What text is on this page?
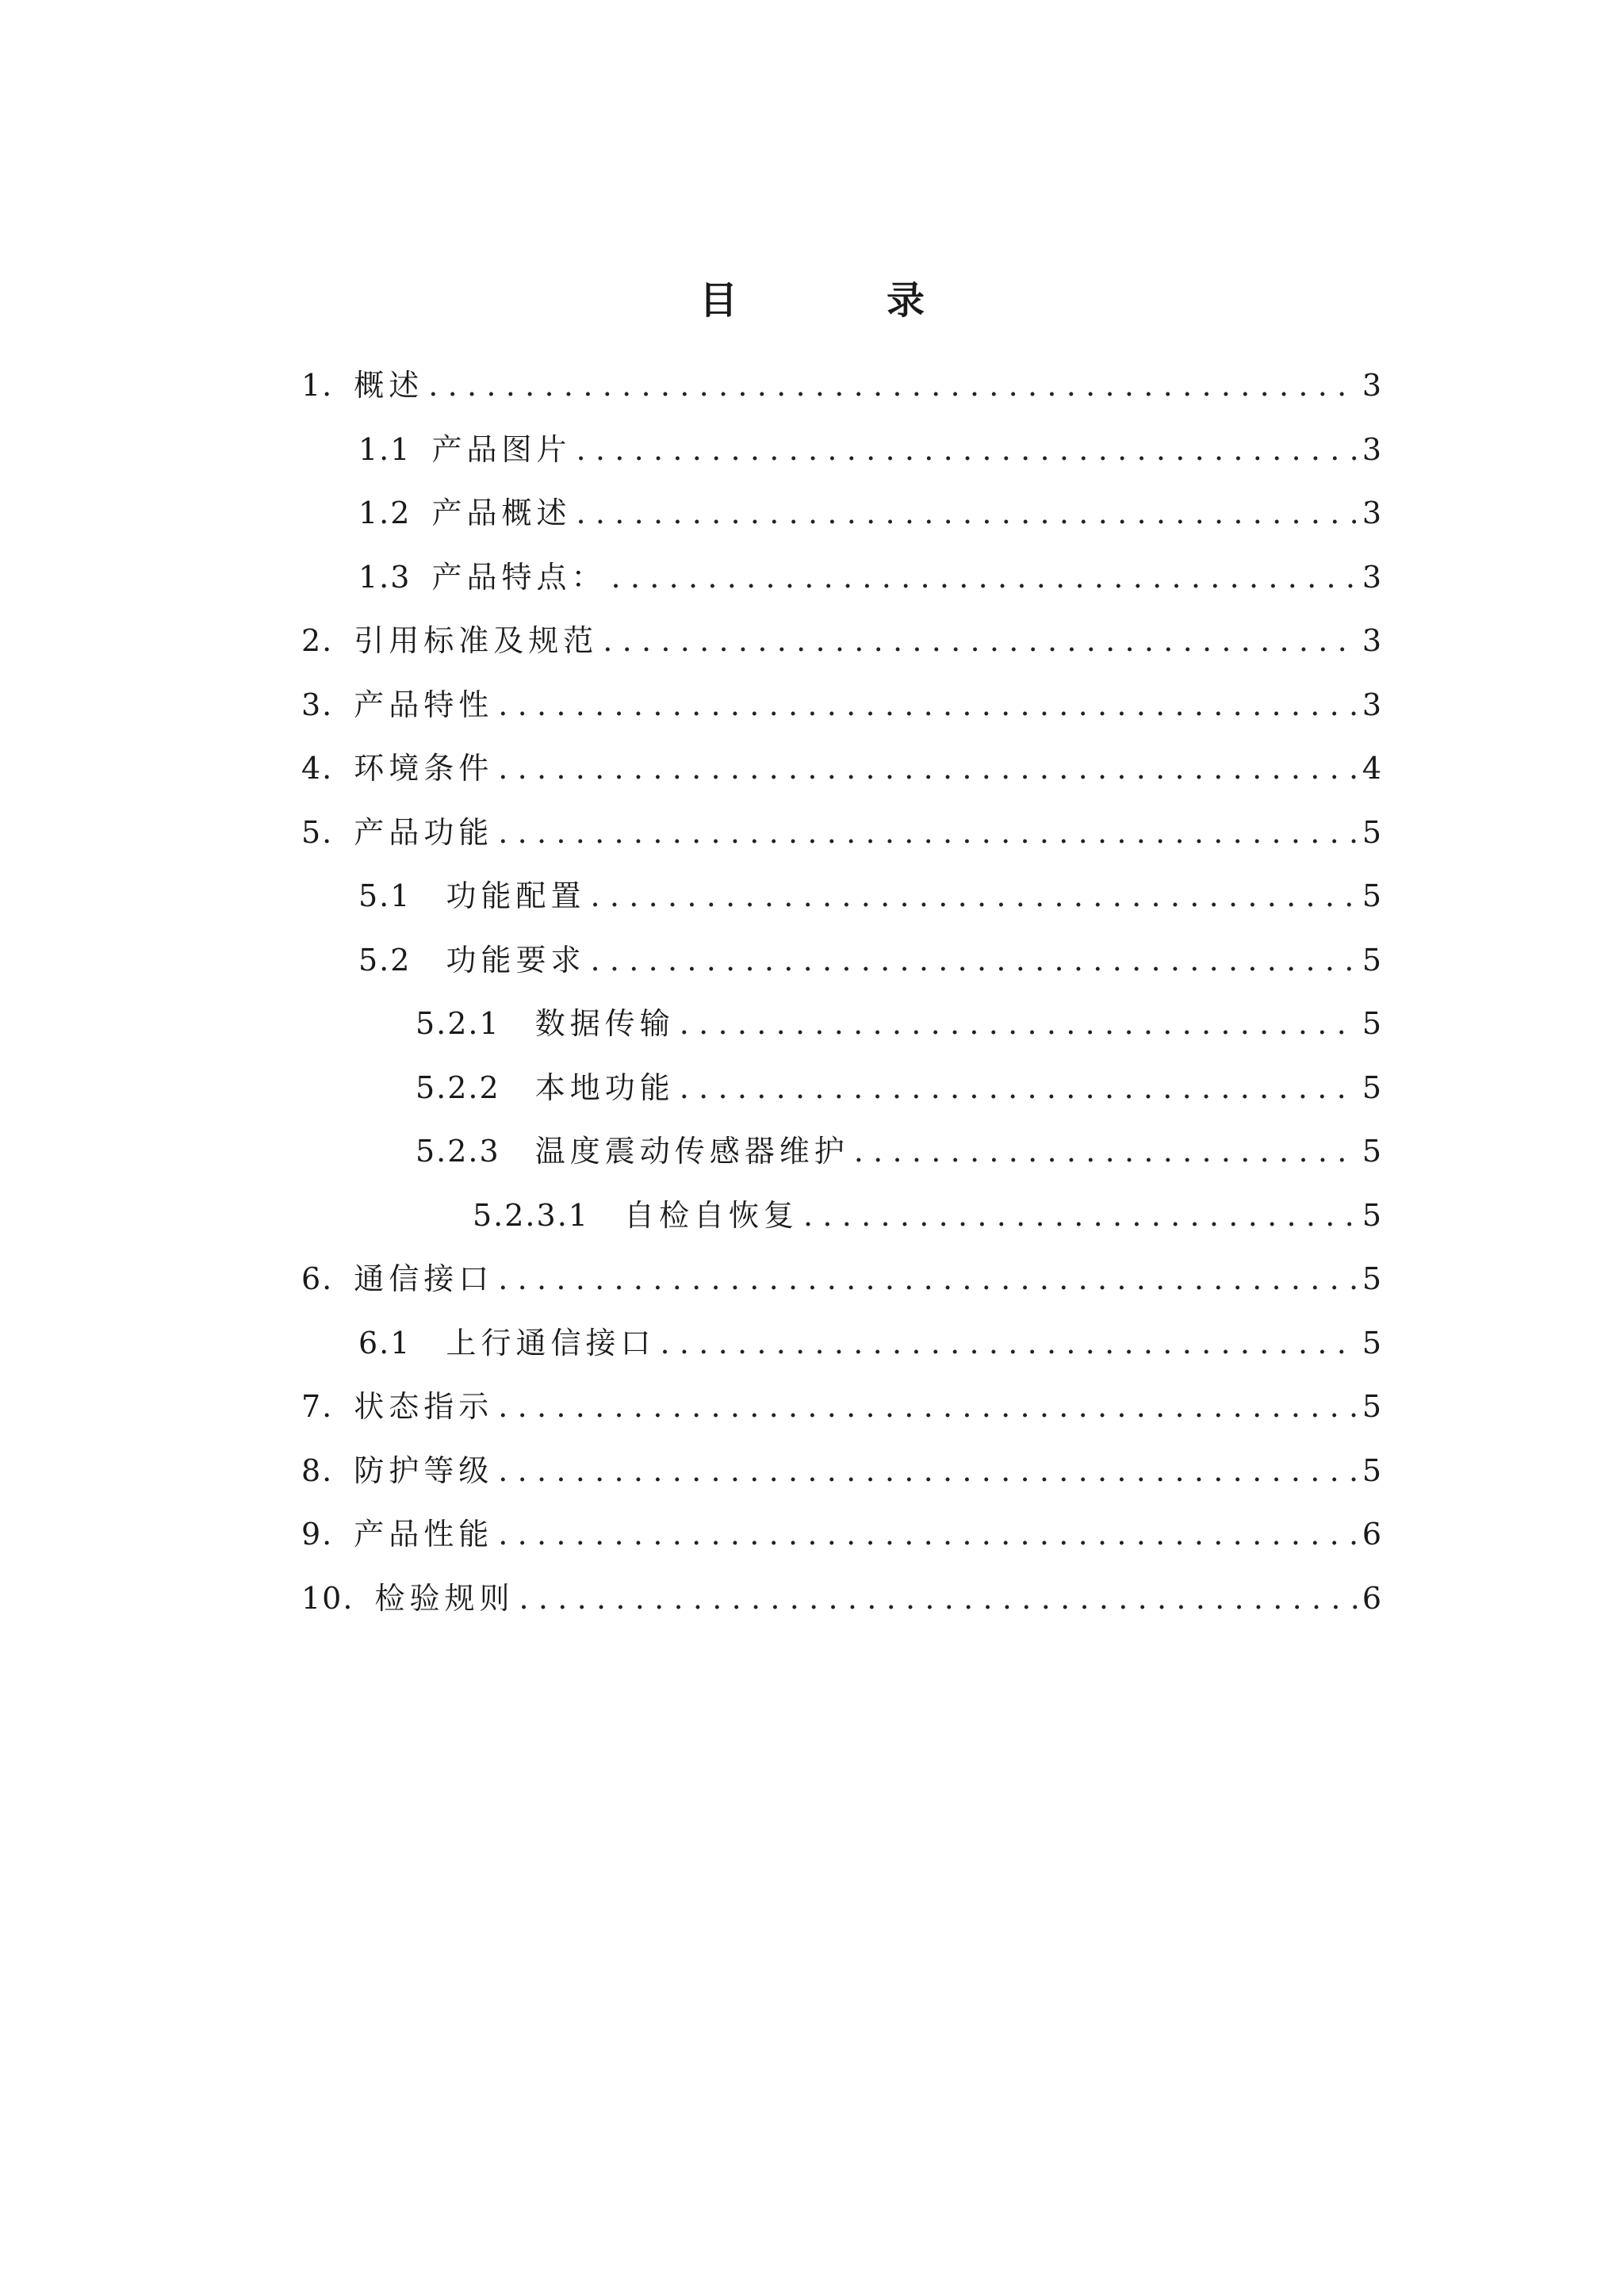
目　录
1. 概述 .....	3
1.1 产品图片 .....	3
1.2 产品概述 .....	3
1.3 产品特点： .....	3
2. 引用标准及规范 .....	3
3. 产品特性 .....	3
4. 环境条件 .....	4
5. 产品功能 .....	5
5.1 功能配置 .....	5
5.2 功能要求 .....	5
5.2.1 数据传输 .....	5
5.2.2 本地功能 .....	5
5.2.3 温度震动传感器维护 .....	5
5.2.3.1 自检自恢复 .....	5
6. 通信接口 .....	5
6.1 上行通信接口 .....	5
7. 状态指示 .....	5
8. 防护等级 .....	5
9. 产品性能 .....	6
10. 检验规则 .....	6
